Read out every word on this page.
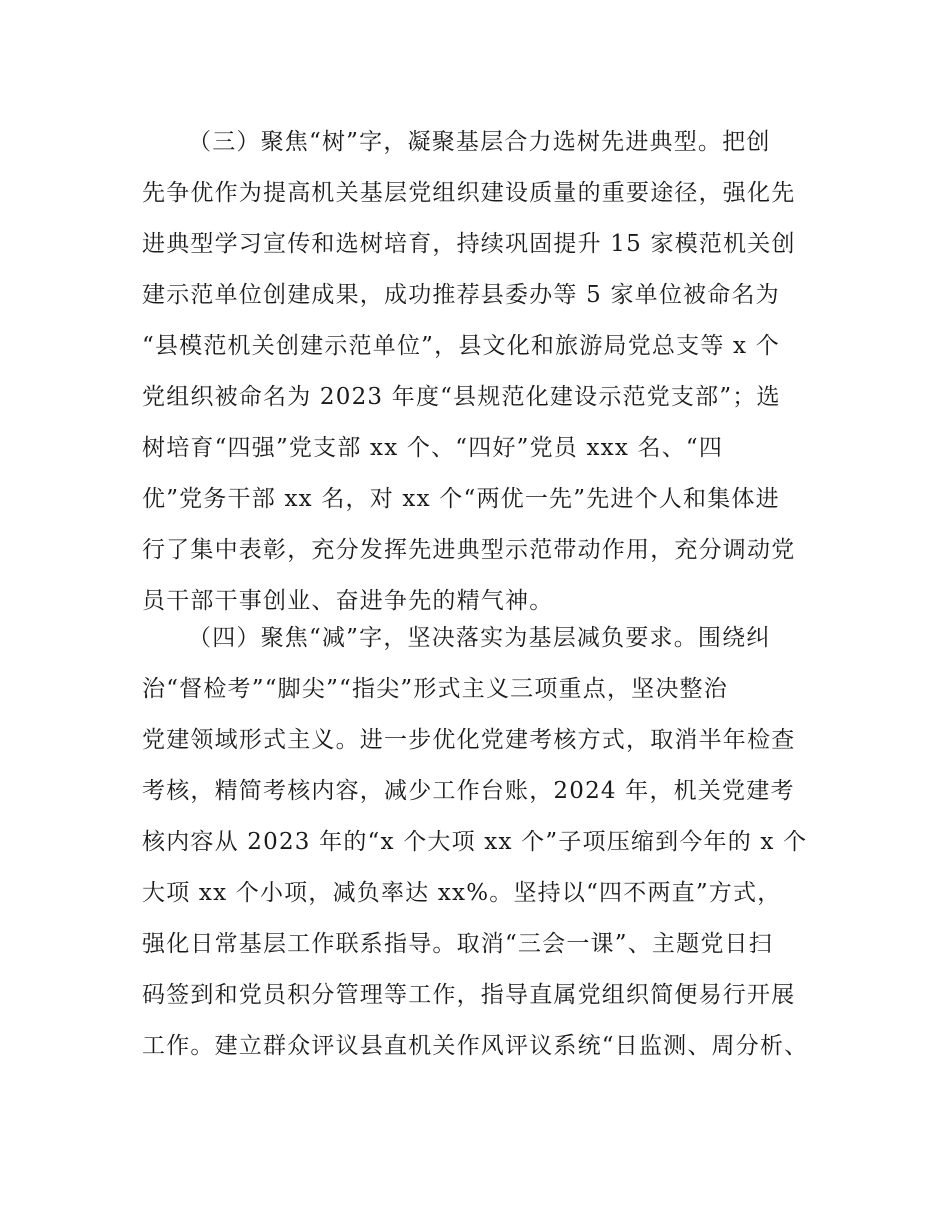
（三）聚焦“树”字，凝聚基层合力选树先进典型。把创
先争优作为提高机关基层党组织建设质量的重要途径，强化先
进典型学习宣传和选树培育，持续巩固提升 15 家模范机关创
建示范单位创建成果，成功推荐县委办等 5 家单位被命名为
“县模范机关创建示范单位”，县文化和旅游局党总支等 x 个
党组织被命名为 2023 年度“县规范化建设示范党支部”；选
树培育“四强”党支部 xx 个、“四好”党员 xxx 名、“四
优”党务干部 xx 名，对 xx 个“两优一先”先进个人和集体进
行了集中表彰，充分发挥先进典型示范带动作用，充分调动党
员干部干事创业、奋进争先的精气神。
（四）聚焦“减”字，坚决落实为基层减负要求。围绕纠
治“督检考”“脚尖”“指尖”形式主义三项重点，坚决整治
党建领域形式主义。进一步优化党建考核方式，取消半年检查
考核，精简考核内容，减少工作台账，2024 年，机关党建考
核内容从 2023 年的“x 个大项 xx 个”子项压缩到今年的 x 个
大项 xx 个小项，减负率达 xx%。坚持以“四不两直”方式，
强化日常基层工作联系指导。取消“三会一课”、主题党日扫
码签到和党员积分管理等工作，指导直属党组织简便易行开展
工作。建立群众评议县直机关作风评议系统“日监测、周分析、
